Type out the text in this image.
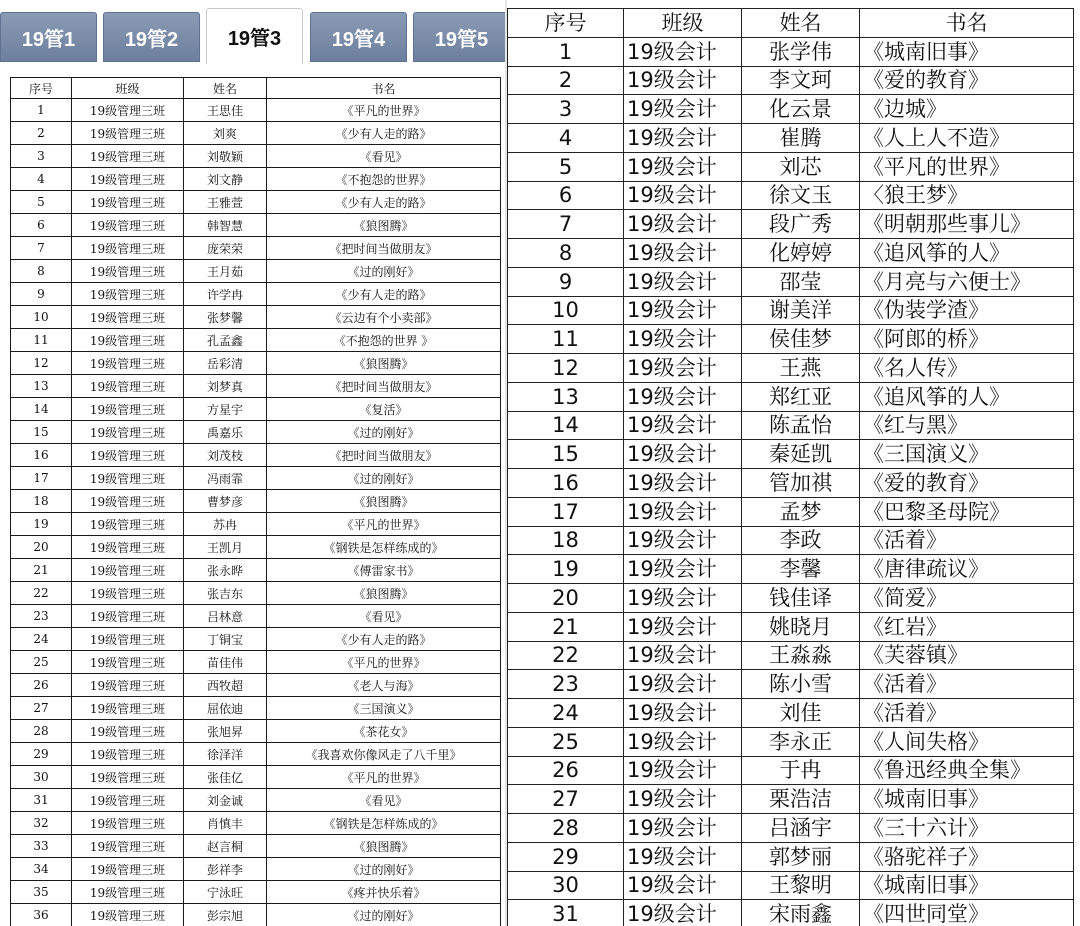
19管1	19管2	19管3	19管4	19管5
序号	班级	姓名	书名
1	19级管理三班	王思佳	《平凡的世界》
2	19级管理三班	刘爽	《少有人走的路》
3	19级管理三班	刘敬颖	《看见》
4	19级管理三班	刘文静	《不抱怨的世界》
5	19级管理三班	王雅萱	《少有人走的路》
6	19级管理三班	韩智慧	《狼图腾》
7	19级管理三班	庞荣荣	《把时间当做朋友》
8	19级管理三班	王月茹	《过的刚好》
9	19级管理三班	许学冉	《少有人走的路》
10	19级管理三班	张梦馨	《云边有个小卖部》
11	19级管理三班	孔孟鑫	《不抱怨的世界 》
12	19级管理三班	岳彩清	《狼图腾》
13	19级管理三班	刘梦真	《把时间当做朋友》
14	19级管理三班	方星宇	《复活》
15	19级管理三班	禹嘉乐	《过的刚好》
16	19级管理三班	刘茂枝	《把时间当做朋友》
17	19级管理三班	冯雨霏	《过的刚好》
18	19级管理三班	曹梦彦	《狼图腾》
19	19级管理三班	苏冉	《平凡的世界》
20	19级管理三班	王凯月	《钢铁是怎样练成的》
21	19级管理三班	张永晔	《傅雷家书》
22	19级管理三班	张吉东	《狼图腾》
23	19级管理三班	吕林意	《看见》
24	19级管理三班	丁铜宝	《少有人走的路》
25	19级管理三班	苗佳伟	《平凡的世界》
26	19级管理三班	西牧超	《老人与海》
27	19级管理三班	屈依迪	《三国演义》
28	19级管理三班	张旭昇	《茶花女》
29	19级管理三班	徐泽洋	《我喜欢你像风走了八千里》
30	19级管理三班	张佳亿	《平凡的世界》
31	19级管理三班	刘金诚	《看见》
32	19级管理三班	肖慎丰	《钢铁是怎样炼成的》
33	19级管理三班	赵言桐	《狼图腾》
34	19级管理三班	彭祥李	《过的刚好》
35	19级管理三班	宁泳旺	《疼并快乐着》
36	19级管理三班	彭宗旭	《过的刚好》
序号	班级	姓名	书名
1	19级会计	张学伟	《城南旧事》
2	19级会计	李文珂	《爱的教育》
3	19级会计	化云景	《边城》
4	19级会计	崔腾	《人上人不造》
5	19级会计	刘芯	《平凡的世界》
6	19级会计	徐文玉	〈狼王梦》
7	19级会计	段广秀	《明朝那些事儿》
8	19级会计	化婷婷	《追风筝的人》
9	19级会计	邵莹	《月亮与六便士》
10	19级会计	谢美洋	《伪装学渣》
11	19级会计	侯佳梦	《阿郎的桥》
12	19级会计	王燕	《名人传》
13	19级会计	郑红亚	《追风筝的人》
14	19级会计	陈孟怡	《红与黑》
15	19级会计	秦延凯	《三国演义》
16	19级会计	管加祺	《爱的教育》
17	19级会计	孟梦	《巴黎圣母院》
18	19级会计	李政	《活着》
19	19级会计	李馨	《唐律疏议》
20	19级会计	钱佳译	《简爱》
21	19级会计	姚晓月	《红岩》
22	19级会计	王淼淼	《芙蓉镇》
23	19级会计	陈小雪	《活着》
24	19级会计	刘佳	《活着》
25	19级会计	李永正	《人间失格》
26	19级会计	于冉	《鲁迅经典全集》
27	19级会计	栗浩洁	《城南旧事》
28	19级会计	吕涵宇	《三十六计》
29	19级会计	郭梦丽	《骆驼祥子》
30	19级会计	王黎明	《城南旧事》
31	19级会计	宋雨鑫	《四世同堂》
